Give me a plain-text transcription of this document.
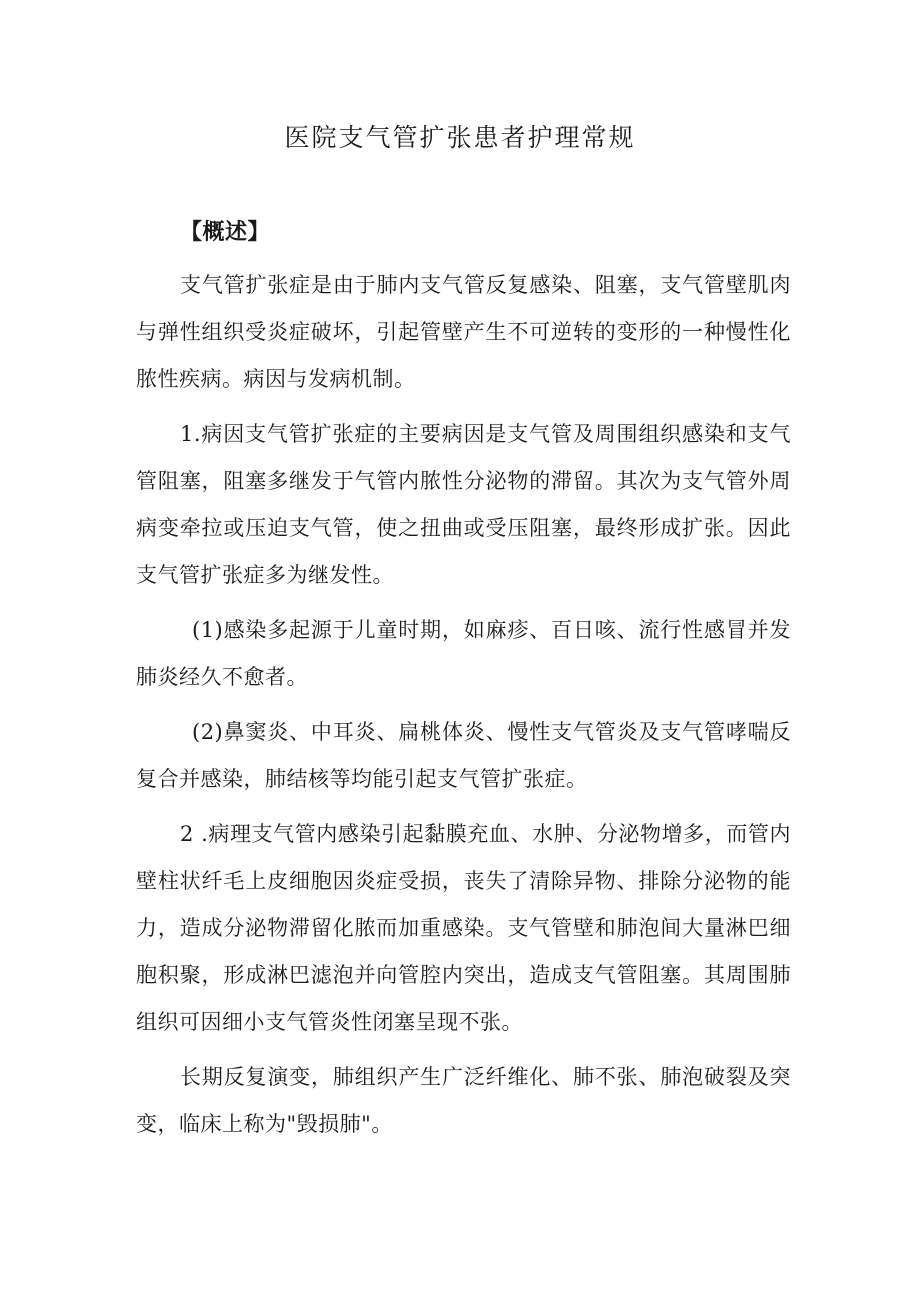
医院支气管扩张患者护理常规
【概述】

支气管扩张症是由于肺内支气管反复感染、阻塞，支气管壁肌肉与弹性组织受炎症破坏，引起管壁产生不可逆转的变形的一种慢性化脓性疾病。病因与发病机制。

1.病因支气管扩张症的主要病因是支气管及周围组织感染和支气管阻塞，阻塞多继发于气管内脓性分泌物的滞留。其次为支气管外周病变牵拉或压迫支气管，使之扭曲或受压阻塞，最终形成扩张。因此支气管扩张症多为继发性。

(1)感染多起源于儿童时期，如麻疹、百日咳、流行性感冒并发肺炎经久不愈者。

(2)鼻窦炎、中耳炎、扁桃体炎、慢性支气管炎及支气管哮喘反复合并感染，肺结核等均能引起支气管扩张症。

2 .病理支气管内感染引起黏膜充血、水肿、分泌物增多，而管内壁柱状纤毛上皮细胞因炎症受损，丧失了清除异物、排除分泌物的能力，造成分泌物滞留化脓而加重感染。支气管壁和肺泡间大量淋巴细胞积聚，形成淋巴滤泡并向管腔内突出，造成支气管阻塞。其周围肺组织可因细小支气管炎性闭塞呈现不张。

长期反复演变，肺组织产生广泛纤维化、肺不张、肺泡破裂及突变，临床上称为"毁损肺"。
